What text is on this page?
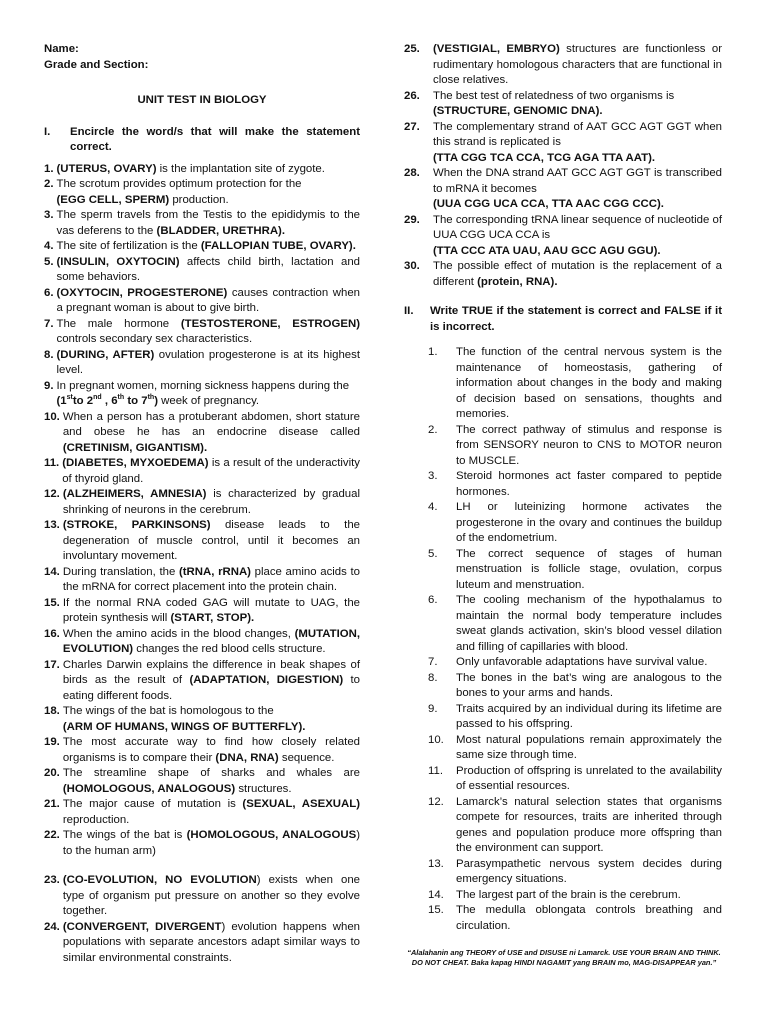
Name:

Grade and Section:

UNIT TEST IN BIOLOGY

I.	Encircle the word/s that will make the statement correct.
1. (UTERUS, OVARY) is the implantation site of zygote.
2. The scrotum provides optimum protection for the
(EGG CELL, SPERM) production.
3. The sperm travels from the Testis to the epididymis to the vas deferens to the (BLADDER, URETHRA).
4. The site of fertilization is the (FALLOPIAN TUBE, OVARY).
5. (INSULIN, OXYTOCIN) affects child birth, lactation and some behaviors.
6. (OXYTOCIN, PROGESTERONE) causes contraction when a pregnant woman is about to give birth.
7. The male hormone (TESTOSTERONE, ESTROGEN) controls secondary sex characteristics.
8. (DURING, AFTER) ovulation progesterone is at its highest level.
9. In pregnant women, morning sickness happens during the
(1stto 2nd , 6th to 7th) week of pregnancy.
10. When a person has a protuberant abdomen, short stature and obese he has an endocrine disease called (CRETINISM, GIGANTISM).
11. (DIABETES, MYXOEDEMA) is a result of the underactivity of thyroid gland.
12. (ALZHEIMERS, AMNESIA) is characterized by gradual shrinking of neurons in the cerebrum.
13. (STROKE, PARKINSONS) disease leads to the degeneration of muscle control, until it becomes an involuntary movement.
14. During translation, the (tRNA, rRNA) place amino acids to the mRNA for correct placement into the protein chain.
15. If the normal RNA coded GAG will mutate to UAG, the protein synthesis will (START, STOP).
16. When the amino acids in the blood changes, (MUTATION, EVOLUTION) changes the red blood cells structure.
17. Charles Darwin explains the difference in beak shapes of birds as the result of (ADAPTATION, DIGESTION) to eating different foods.
18. The wings of the bat is homologous to the
(ARM OF HUMANS, WINGS OF BUTTERFLY).
19. The most accurate way to find how closely related organisms is to compare their (DNA, RNA) sequence.
20. The streamline shape of sharks and whales are (HOMOLOGOUS, ANALOGOUS) structures.
21. The major cause of mutation is (SEXUAL, ASEXUAL) reproduction.
22. The wings of the bat is (HOMOLOGOUS, ANALOGOUS) to the human arm)
23. (CO-EVOLUTION, NO EVOLUTION) exists when one type of organism put pressure on another so they evolve together.
24. (CONVERGENT, DIVERGENT) evolution happens when populations with separate ancestors adapt similar ways to similar environmental constraints.
25.	(VESTIGIAL, EMBRYO) structures are functionless or rudimentary homologous characters that are functional in close relatives.
26.	The best test of relatedness of two organisms is
(STRUCTURE, GENOMIC DNA).
27.	The complementary strand of AAT GCC AGT GGT when this strand is replicated is
(TTA CGG TCA CCA, TCG AGA TTA AAT).
28.	When the DNA strand AAT GCC AGT GGT is transcribed to mRNA it becomes
(UUA CGG UCA CCA, TTA AAC CGG CCC).
29.	The corresponding tRNA linear sequence of nucleotide of UUA CGG UCA CCA is
(TTA CCC ATA UAU, AAU GCC AGU GGU).
30.	The possible effect of mutation is the replacement of a different (protein, RNA).
II.	Write TRUE if the statement is correct and FALSE if it is incorrect.
1.	The function of the central nervous system is the maintenance of homeostasis, gathering of information about changes in the body and making of decision based on sensations, thoughts and memories.
2.	The correct pathway of stimulus and response is from SENSORY neuron to CNS to MOTOR neuron to MUSCLE.
3.	Steroid hormones act faster compared to peptide hormones.
4.	LH or luteinizing hormone activates the progesterone in the ovary and continues the buildup of the endometrium.
5.	The correct sequence of stages of human menstruation is follicle stage, ovulation, corpus luteum and menstruation.
6.	The cooling mechanism of the hypothalamus to maintain the normal body temperature includes sweat glands activation, skin’s blood vessel dilation and filling of capillaries with blood.
7.	Only unfavorable adaptations have survival value.
8.	The bones in the bat’s wing are analogous to the bones to your arms and hands.
9.	Traits acquired by an individual during its lifetime are passed to his offspring.
10.	Most natural populations remain approximately the same size through time.
11.	Production of offspring is unrelated to the availability of essential resources.
12.	Lamarck’s natural selection states that organisms compete for resources, traits are inherited through genes and population produce more offspring than the environment can support.
13.	Parasympathetic nervous system decides during emergency situations.
14.	The largest part of the brain is the cerebrum.
15.	The medulla oblongata controls breathing and circulation.
“Alalahanin ang THEORY of USE and DISUSE ni Lamarck. USE YOUR BRAIN AND THINK. DO NOT CHEAT. Baka kapag HINDI NAGAMIT yang BRAIN mo, MAG-DISAPPEAR yan.”
